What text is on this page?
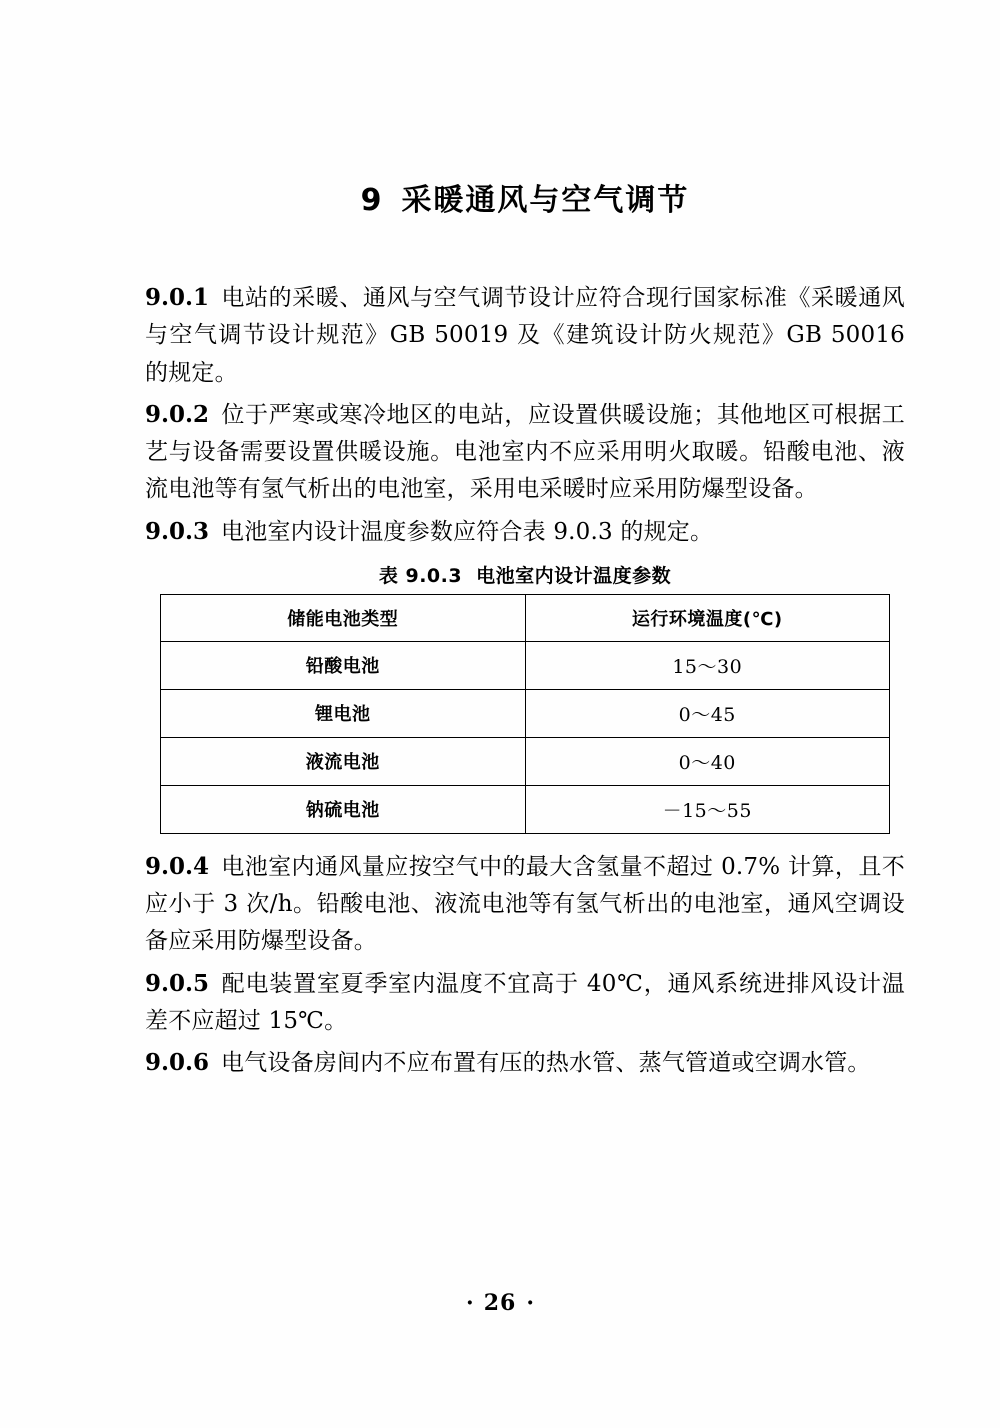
9 采暖通风与空气调节

9.0.1 电站的采暖、通风与空气调节设计应符合现行国家标准《采暖通风与空气调节设计规范》GB 50019 及《建筑设计防火规范》GB 50016 的规定。

9.0.2 位于严寒或寒冷地区的电站，应设置供暖设施；其他地区可根据工艺与设备需要设置供暖设施。电池室内不应采用明火取暖。铅酸电池、液流电池等有氢气析出的电池室，采用电采暖时应采用防爆型设备。

9.0.3 电池室内设计温度参数应符合表 9.0.3 的规定。

表 9.0.3 电池室内设计温度参数
储能电池类型	运行环境温度(℃)
铅酸电池	15～30
锂电池	0～45
液流电池	0～40
钠硫电池	－15～55

9.0.4 电池室内通风量应按空气中的最大含氢量不超过 0.7% 计算，且不应小于 3 次/h。铅酸电池、液流电池等有氢气析出的电池室，通风空调设备应采用防爆型设备。

9.0.5 配电装置室夏季室内温度不宜高于 40℃，通风系统进排风设计温差不应超过 15℃。

9.0.6 电气设备房间内不应布置有压的热水管、蒸气管道或空调水管。

· 26 ·
